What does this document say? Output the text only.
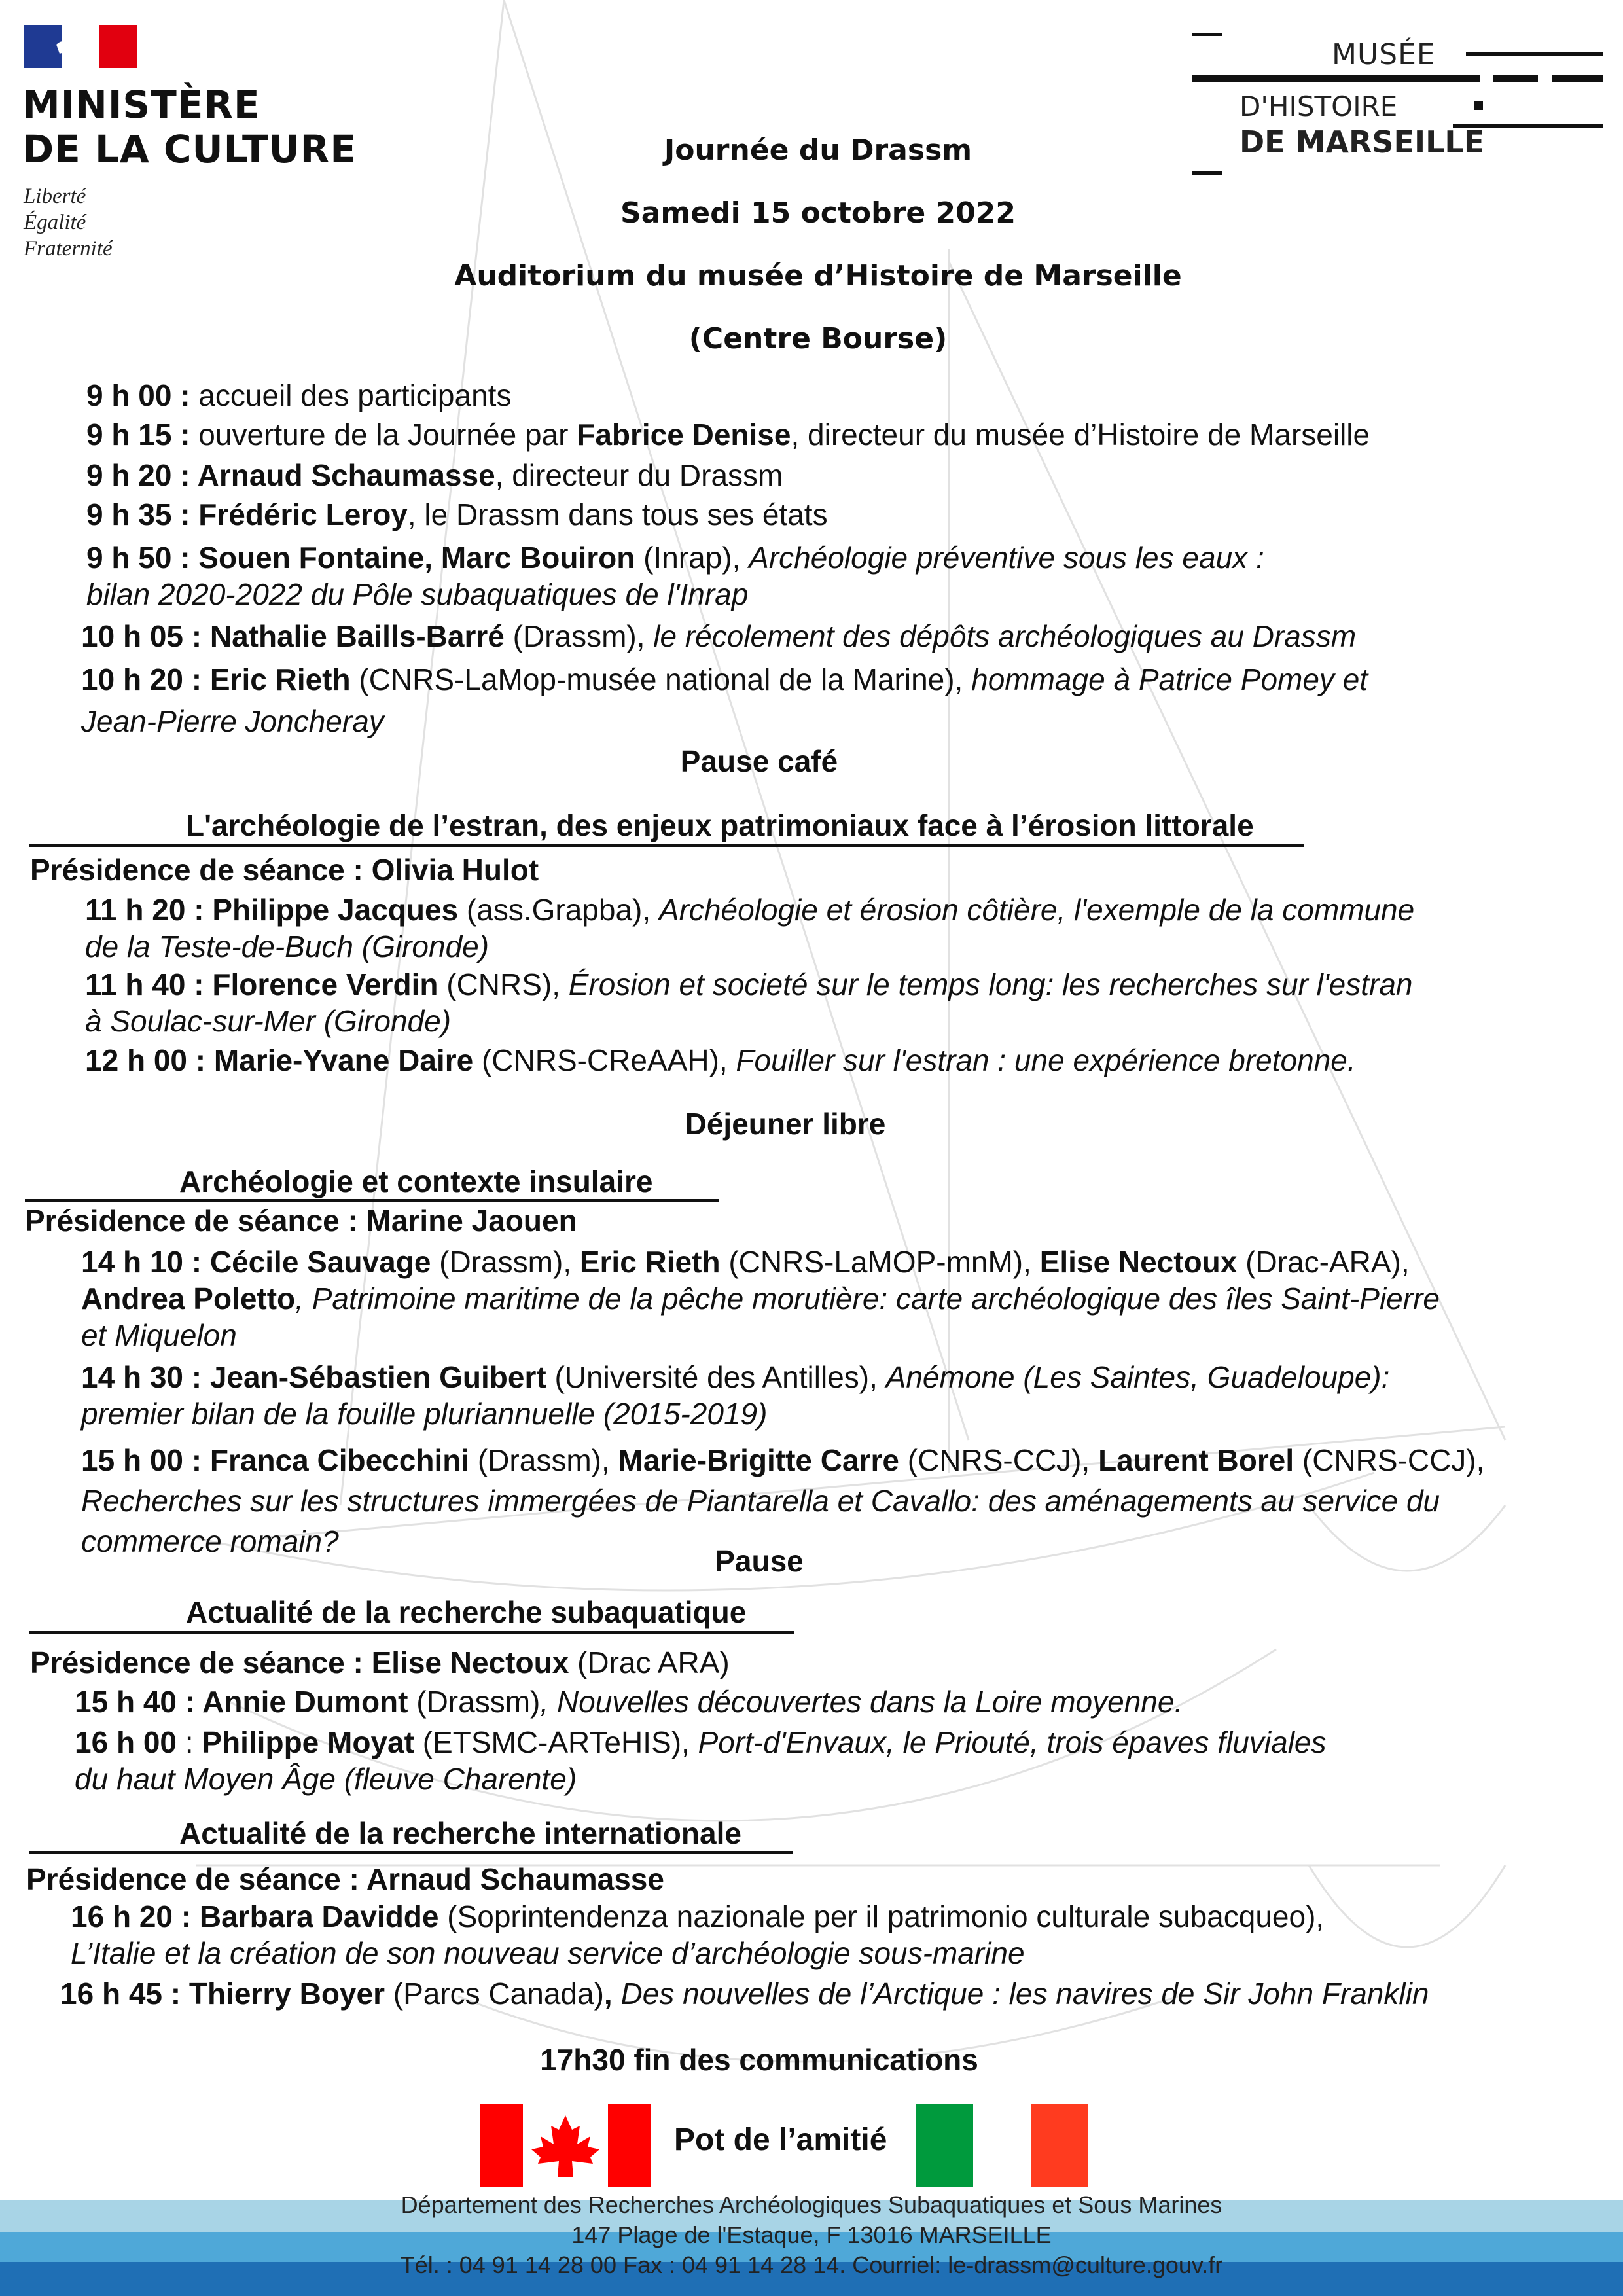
MINISTÈRE
DE LA CULTURE
Liberté
Égalité
Fraternité
MUSÉE
D'HISTOIRE
DE MARSEILLE
Journée du Drassm
Samedi 15 octobre 2022
Auditorium du musée d’Histoire de Marseille
(Centre Bourse)
9 h 00 : accueil des participants
9 h 15 : ouverture de la Journée par Fabrice Denise, directeur du musée d’Histoire de Marseille
9 h 20 : Arnaud Schaumasse, directeur du Drassm
9 h 35 : Frédéric Leroy, le Drassm dans tous ses états
9 h 50 : Souen Fontaine, Marc Bouiron (Inrap), Archéologie préventive sous les eaux :
bilan 2020-2022 du Pôle subaquatiques de l'Inrap
10 h 05 : Nathalie Baills-Barré (Drassm), le récolement des dépôts archéologiques au Drassm
10 h 20 : Eric Rieth (CNRS-LaMop-musée national de la Marine), hommage à Patrice Pomey et
Jean-Pierre Joncheray
Pause café
L'archéologie de l’estran, des enjeux patrimoniaux face à l’érosion littorale
Présidence de séance : Olivia Hulot
11 h 20 : Philippe Jacques (ass.Grapba), Archéologie et érosion côtière, l'exemple de la commune
de la Teste-de-Buch (Gironde)
11 h 40 : Florence Verdin (CNRS), Érosion et societé sur le temps long: les recherches sur l'estran
à Soulac-sur-Mer (Gironde)
12 h 00 : Marie-Yvane Daire (CNRS-CReAAH), Fouiller sur l'estran : une expérience bretonne.
Déjeuner libre
Archéologie et contexte insulaire
Présidence de séance : Marine Jaouen
14 h 10 : Cécile Sauvage (Drassm), Eric Rieth (CNRS-LaMOP-mnM), Elise Nectoux (Drac-ARA),
Andrea Poletto, Patrimoine maritime de la pêche morutière: carte archéologique des îles Saint-Pierre
et Miquelon
14 h 30 : Jean-Sébastien Guibert (Université des Antilles), Anémone (Les Saintes, Guadeloupe):
premier bilan de la fouille pluriannuelle (2015-2019)
15 h 00 : Franca Cibecchini (Drassm), Marie-Brigitte Carre (CNRS-CCJ), Laurent Borel (CNRS-CCJ),
Recherches sur les structures immergées de Piantarella et Cavallo: des aménagements au service du
commerce romain?
Pause
Actualité de la recherche subaquatique
Présidence de séance : Elise Nectoux (Drac ARA)
15 h 40 : Annie Dumont (Drassm), Nouvelles découvertes dans la Loire moyenne.
16 h 00 : Philippe Moyat (ETSMC-ARTeHIS), Port-d'Envaux, le Priouté, trois épaves fluviales
du haut Moyen Âge (fleuve Charente)
Actualité de la recherche internationale
Présidence de séance : Arnaud Schaumasse
16 h 20 : Barbara Davidde (Soprintendenza nazionale per il patrimonio culturale subacqueo),
L’Italie et la création de son nouveau service d’archéologie sous-marine
16 h 45 : Thierry Boyer (Parcs Canada), Des nouvelles de l’Arctique : les navires de Sir John Franklin
17h30 fin des communications
Pot de l’amitié
Département des Recherches Archéologiques Subaquatiques et Sous Marines
147 Plage de l'Estaque, F 13016 MARSEILLE
Tél. : 04 91 14 28 00 Fax : 04 91 14 28 14. Courriel: le-drassm@culture.gouv.fr
